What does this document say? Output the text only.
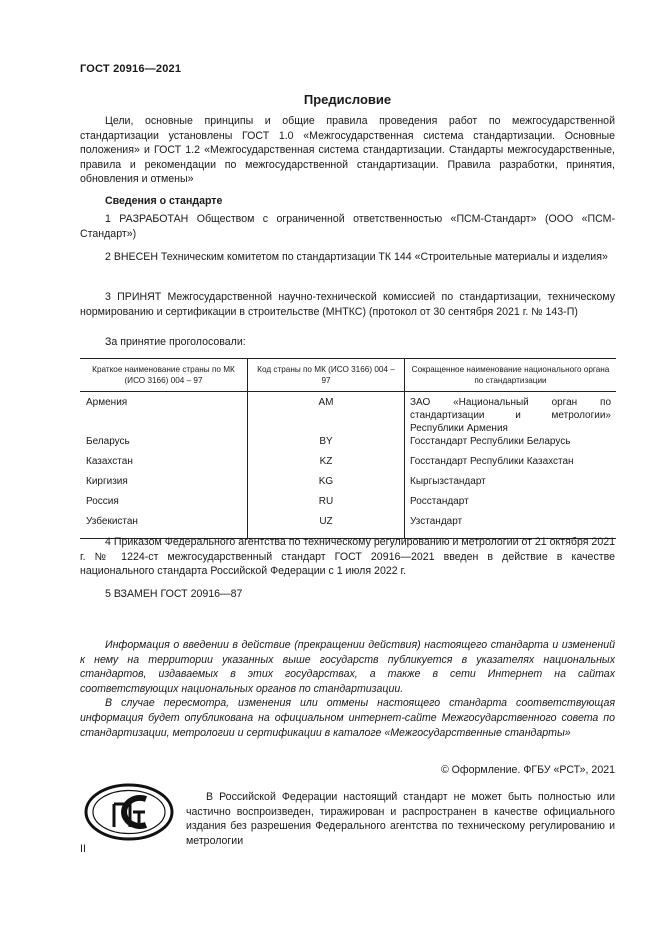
ГОСТ 20916—2021
Предисловие

Цели, основные принципы и общие правила проведения работ по межгосударственной стандартизации установлены ГОСТ 1.0 «Межгосударственная система стандартизации. Основные положения» и ГОСТ 1.2 «Межгосударственная система стандартизации. Стандарты межгосударственные, правила и рекомендации по межгосударственной стандартизации. Правила разработки, принятия, обновления и отмены»

Сведения о стандарте

1 РАЗРАБОТАН Обществом с ограниченной ответственностью «ПСМ-Стандарт» (ООО «ПСМ-Стандарт»)

2 ВНЕСЕН Техническим комитетом по стандартизации ТК 144 «Строительные материалы и изделия»

3 ПРИНЯТ Межгосударственной научно-технической комиссией по стандартизации, техническому нормированию и сертификации в строительстве (МНТКС) (протокол от 30 сентября 2021 г. № 143-П)

За принятие проголосовали:
Краткое наименование страны по МК (ИСО 3166) 004 – 97	Код страны по МК (ИСО 3166) 004 – 97	Сокращенное наименование национального органа по стандартизации
Армения	AM	ЗАО «Национальный орган по стандартизации и метрологии» Республики Армения
Беларусь	BY	Госстандарт Республики Беларусь
Казахстан	KZ	Госстандарт Республики Казахстан
Киргизия	KG	Кыргызстандарт
Россия	RU	Росстандарт
Узбекистан	UZ	Узстандарт

4 Приказом Федерального агентства по техническому регулированию и метрологии от 21 октября 2021 г. № 1224-ст межгосударственный стандарт ГОСТ 20916—2021 введен в действие в качестве национального стандарта Российской Федерации с 1 июля 2022 г.

5 ВЗАМЕН ГОСТ 20916—87

Информация о введении в действие (прекращении действия) настоящего стандарта и изменений к нему на территории указанных выше государств публикуется в указателях национальных стандартов, издаваемых в этих государствах, а также в сети Интернет на сайтах соответствующих национальных органов по стандартизации.

В случае пересмотра, изменения или отмены настоящего стандарта соответствующая информация будет опубликована на официальном интернет-сайте Межгосударственного совета по стандартизации, метрологии и сертификации в каталоге «Межгосударственные стандарты»

© Оформление. ФГБУ «РСТ», 2021

В Российской Федерации настоящий стандарт не может быть полностью или частично воспроизведен, тиражирован и распространен в качестве официального издания без разрешения Федерального агентства по техническому регулированию и метрологии

II
